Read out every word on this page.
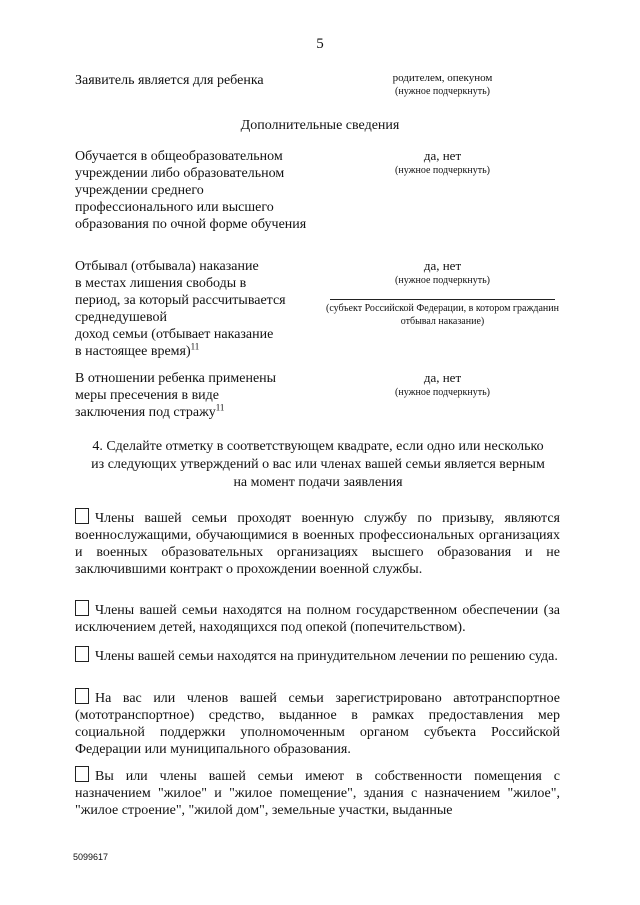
5
Заявитель является для ребенка	родителем, опекуном
(нужное подчеркнуть)
Дополнительные сведения
Обучается в общеобразовательном учреждении либо образовательном учреждении среднего профессионального или высшего образования по очной форме обучения
да, нет
(нужное подчеркнуть)
Отбывал (отбывала) наказание
в местах лишения свободы в
период, за который рассчитывается
среднедушевой
доход семьи (отбывает наказание
в настоящее время)$^{11}$
да, нет
(нужное подчеркнуть)
(субъект Российской Федерации, в котором гражданин отбывал наказание)
В отношении ребенка применены
меры пресечения в виде
заключения под стражу$^{11}$
да, нет
(нужное подчеркнуть)
4. Сделайте отметку в соответствующем квадрате, если одно или несколько из следующих утверждений о вас или членах вашей семьи является верным на момент подачи заявления
Члены вашей семьи проходят военную службу по призыву, являются военнослужащими, обучающимися в военных профессиональных организациях и военных образовательных организациях высшего образования и не заключившими контракт о прохождении военной службы.
Члены вашей семьи находятся на полном государственном обеспечении (за исключением детей, находящихся под опекой (попечительством).
Члены вашей семьи находятся на принудительном лечении по решению суда.
На вас или членов вашей семьи зарегистрировано автотранспортное (мототранспортное) средство, выданное в рамках предоставления мер социальной поддержки уполномоченным органом субъекта Российской Федерации или муниципального образования.
Вы или члены вашей семьи имеют в собственности помещения с назначением "жилое" и "жилое помещение", здания с назначением "жилое", "жилое строение", "жилой дом", земельные участки, выданные
5099617
